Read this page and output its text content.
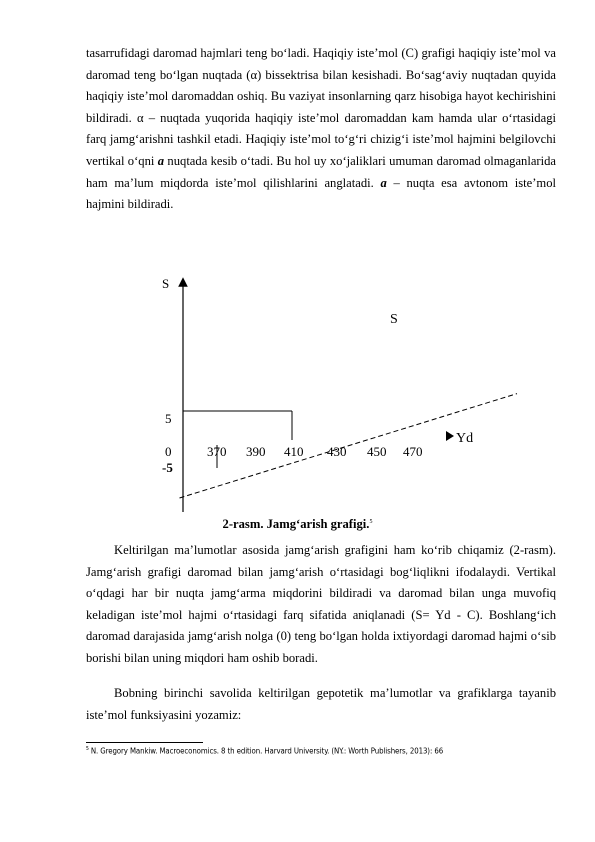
tasarrufidagi daromad hajmlari teng bo‘ladi. Haqiqiy iste’mol (C) grafigi haqiqiy iste’mol va daromad teng bo‘lgan nuqtada (α) bissektrisa bilan kesishadi. Bo‘sag‘aviy nuqtadan quyida haqiqiy iste’mol daromaddan oshiq. Bu vaziyat insonlarning qarz hisobiga hayot kechirishini bildiradi. α – nuqtada yuqorida haqiqiy iste’mol daromaddan kam hamda ular o‘rtasidagi farq jamg‘arishni tashkil etadi. Haqiqiy iste’mol to‘g‘ri chizig‘i iste’mol hajmini belgilovchi vertikal o‘qni a nuqtada kesib o‘tadi. Bu hol uy xo‘jaliklari umuman daromad olmaganlarida ham ma’lum miqdorda iste’mol qilishlarini anglatadi. a – nuqta esa avtonom iste’mol hajmini bildiradi.

S
Yd
5
0
-5
370 390 410 430 450 470
S
2-rasm. Jamg‘arish grafigi.$^5$

Keltirilgan ma’lumotlar asosida jamg‘arish grafigini ham ko‘rib chiqamiz (2-rasm). Jamg‘arish grafigi daromad bilan jamg‘arish o‘rtasidagi bog‘liqlikni ifodalaydi. Vertikal o‘qdagi har bir nuqta jamg‘arma miqdorini bildiradi va daromad bilan unga muvofiq keladigan iste’mol hajmi o‘rtasidagi farq sifatida aniqlanadi (S= Yd - C). Boshlang‘ich daromad darajasida jamg‘arish nolga (0) teng bo‘lgan holda ixtiyordagi daromad hajmi o‘sib borishi bilan uning miqdori ham oshib boradi.

Bobning birinchi savolida keltirilgan gepotetik ma’lumotlar va grafiklarga tayanib iste’mol funksiyasini yozamiz:

$^5$ N. Gregory Mankiw. Macroeconomics. 8 th edition. Harvard University. (NY.: Worth Publishers, 2013): 66
